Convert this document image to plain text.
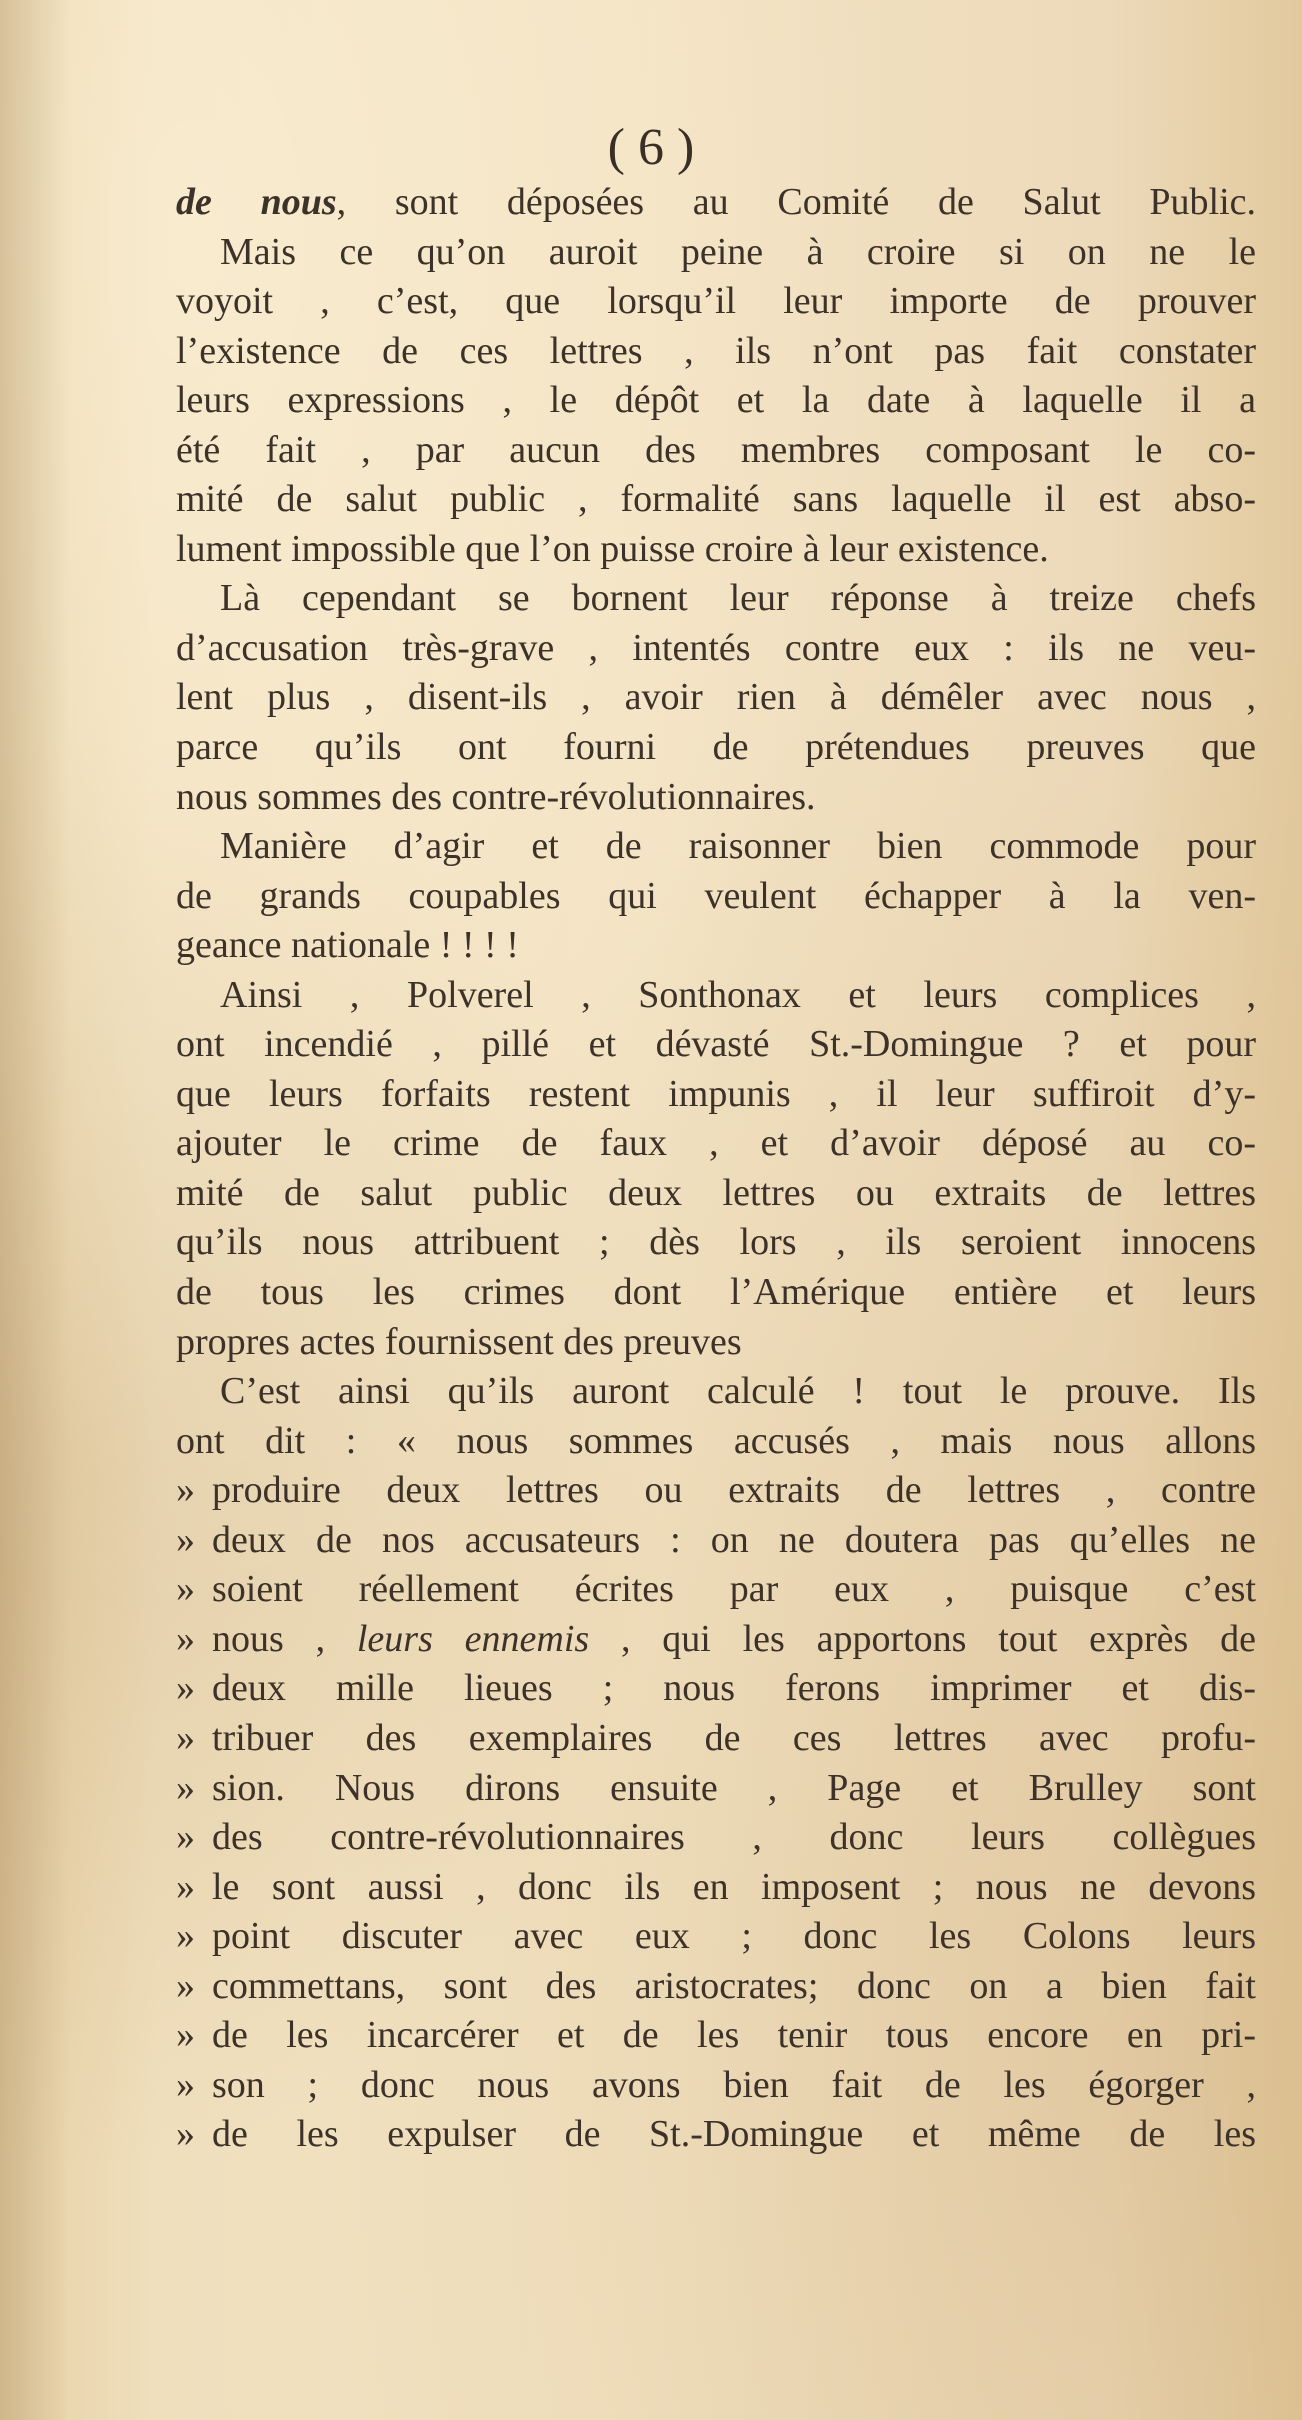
( 6 )
de nous, sont déposées au Comité de Salut Public.
Mais ce qu’on auroit peine à croire si on ne le
voyoit , c’est, que lorsqu’il leur importe de prouver
l’existence de ces lettres , ils n’ont pas fait constater
leurs expressions , le dépôt et la date à laquelle il a
été fait , par aucun des membres composant le co-
mité de salut public , formalité sans laquelle il est abso-
lument impossible que l’on puisse croire à leur existence.
Là cependant se bornent leur réponse à treize chefs
d’accusation très-grave , intentés contre eux : ils ne veu-
lent plus , disent-ils , avoir rien à démêler avec nous ,
parce qu’ils ont fourni de prétendues preuves que
nous sommes des contre-révolutionnaires.
Manière d’agir et de raisonner bien commode pour
de grands coupables qui veulent échapper à la ven-
geance nationale ! ! ! !
Ainsi , Polverel , Sonthonax et leurs complices ,
ont incendié , pillé et dévasté St.-Domingue ? et pour
que leurs forfaits restent impunis , il leur suffiroit d’y-
ajouter le crime de faux , et d’avoir déposé au co-
mité de salut public deux lettres ou extraits de lettres
qu’ils nous attribuent ; dès lors , ils seroient innocens
de tous les crimes dont l’Amérique entière et leurs
propres actes fournissent des preuves
C’est ainsi qu’ils auront calculé ! tout le prouve. Ils
ont dit : « nous sommes accusés , mais nous allons
» produire deux lettres ou extraits de lettres , contre
» deux de nos accusateurs : on ne doutera pas qu’elles ne
» soient réellement écrites par eux , puisque c’est
» nous , leurs ennemis , qui les apportons tout exprès de
» deux mille lieues ; nous ferons imprimer et dis-
» tribuer des exemplaires de ces lettres avec profu-
» sion. Nous dirons ensuite , Page et Brulley sont
» des contre-révolutionnaires , donc leurs collègues
» le sont aussi , donc ils en imposent ; nous ne devons
» point discuter avec eux ; donc les Colons leurs
» commettans, sont des aristocrates; donc on a bien fait
» de les incarcérer et de les tenir tous encore en pri-
» son ; donc nous avons bien fait de les égorger ,
» de les expulser de St.-Domingue et même de les
